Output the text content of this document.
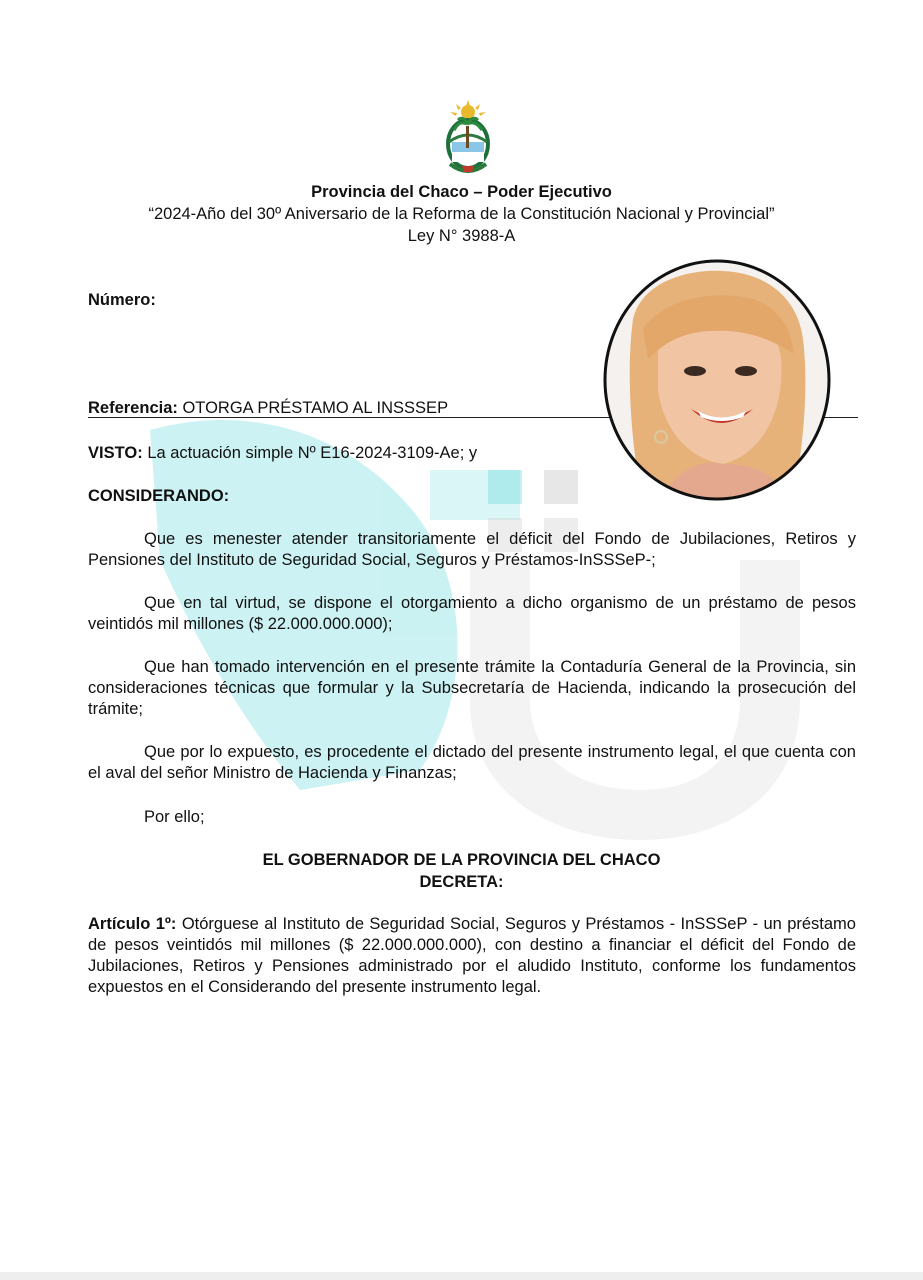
Provincia del Chaco – Poder Ejecutivo
“2024-Año del 30º Aniversario de la Reforma de la Constitución Nacional y Provincial”
Ley N° 3988-A
Número:
Referencia: OTORGA PRÉSTAMO AL INSSSEP
VISTO: La actuación simple Nº E16-2024-3109-Ae; y
CONSIDERANDO:
Que es menester atender transitoriamente el déficit del Fondo de Jubilaciones, Retiros y Pensiones del Instituto de Seguridad Social, Seguros y Préstamos-InSSSeP-;
Que en tal virtud, se dispone el otorgamiento a dicho organismo de un préstamo de pesos veintidós mil millones ($ 22.000.000.000);
Que han tomado intervención en el presente trámite la Contaduría General de la Provincia, sin consideraciones técnicas que formular y la Subsecretaría de Hacienda, indicando la prosecución del trámite;
Que por lo expuesto, es procedente el dictado del presente instrumento legal, el que cuenta con el aval del señor Ministro de Hacienda y Finanzas;
Por ello;
EL GOBERNADOR DE LA PROVINCIA DEL CHACO
DECRETA:
Artículo 1º: Otórguese al Instituto de Seguridad Social, Seguros y Préstamos - InSSSeP - un préstamo de pesos veintidós mil millones ($ 22.000.000.000), con destino a financiar el déficit del Fondo de Jubilaciones, Retiros y Pensiones administrado por el aludido Instituto, conforme los fundamentos expuestos en el Considerando del presente instrumento legal.
